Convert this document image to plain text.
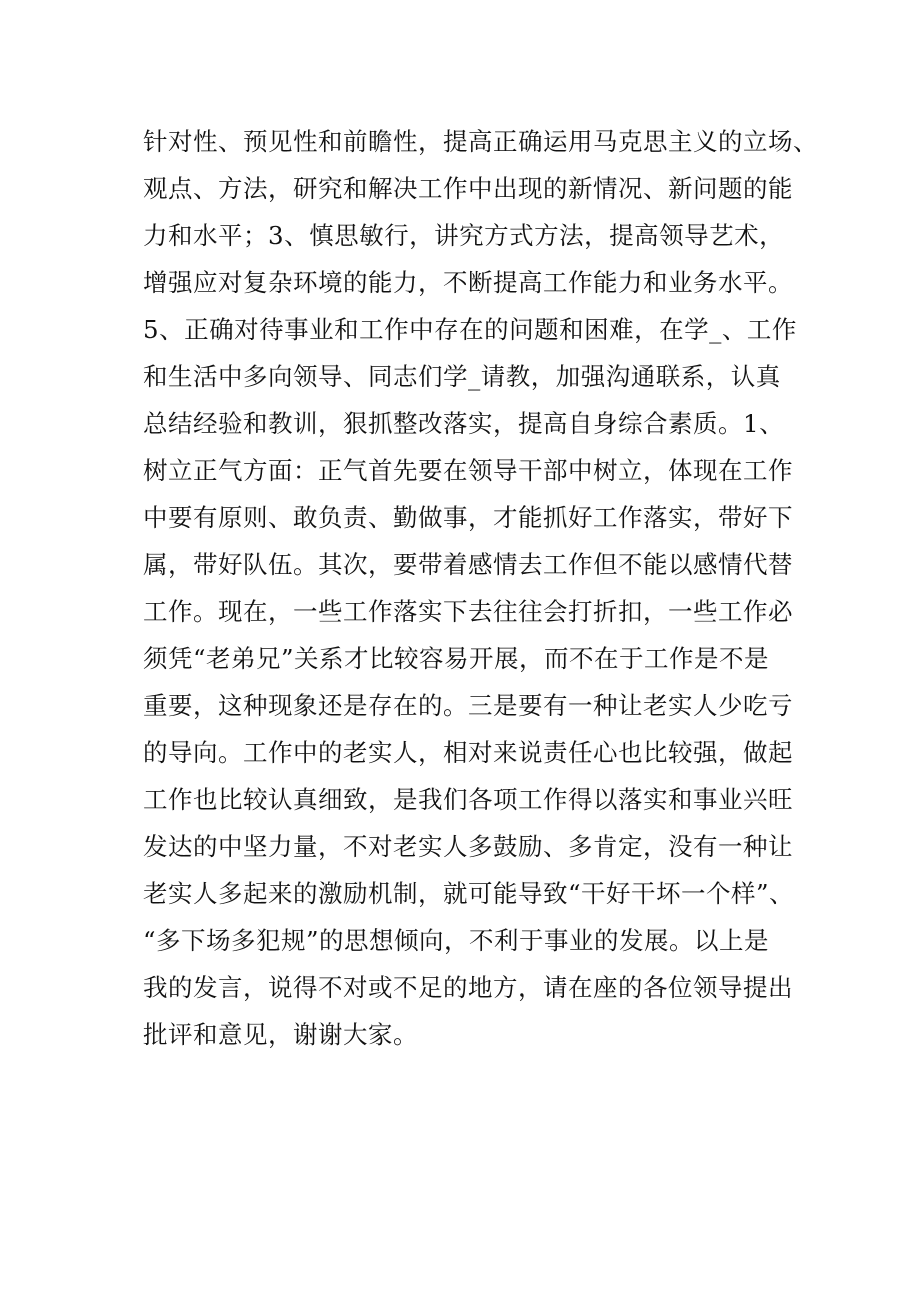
针对性、预见性和前瞻性，提高正确运用马克思主义的立场、
观点、方法，研究和解决工作中出现的新情况、新问题的能
力和水平；3、慎思敏行，讲究方式方法，提高领导艺术，
增强应对复杂环境的能力，不断提高工作能力和业务水平。
5、正确对待事业和工作中存在的问题和困难，在学_、工作
和生活中多向领导、同志们学_请教，加强沟通联系，认真
总结经验和教训，狠抓整改落实，提高自身综合素质。1、
树立正气方面：正气首先要在领导干部中树立，体现在工作
中要有原则、敢负责、勤做事，才能抓好工作落实，带好下
属，带好队伍。其次，要带着感情去工作但不能以感情代替
工作。现在，一些工作落实下去往往会打折扣，一些工作必
须凭“老弟兄”关系才比较容易开展，而不在于工作是不是
重要，这种现象还是存在的。三是要有一种让老实人少吃亏
的导向。工作中的老实人，相对来说责任心也比较强，做起
工作也比较认真细致，是我们各项工作得以落实和事业兴旺
发达的中坚力量，不对老实人多鼓励、多肯定，没有一种让
老实人多起来的激励机制，就可能导致“干好干坏一个样”、
“多下场多犯规”的思想倾向，不利于事业的发展。以上是
我的发言，说得不对或不足的地方，请在座的各位领导提出
批评和意见，谢谢大家。
